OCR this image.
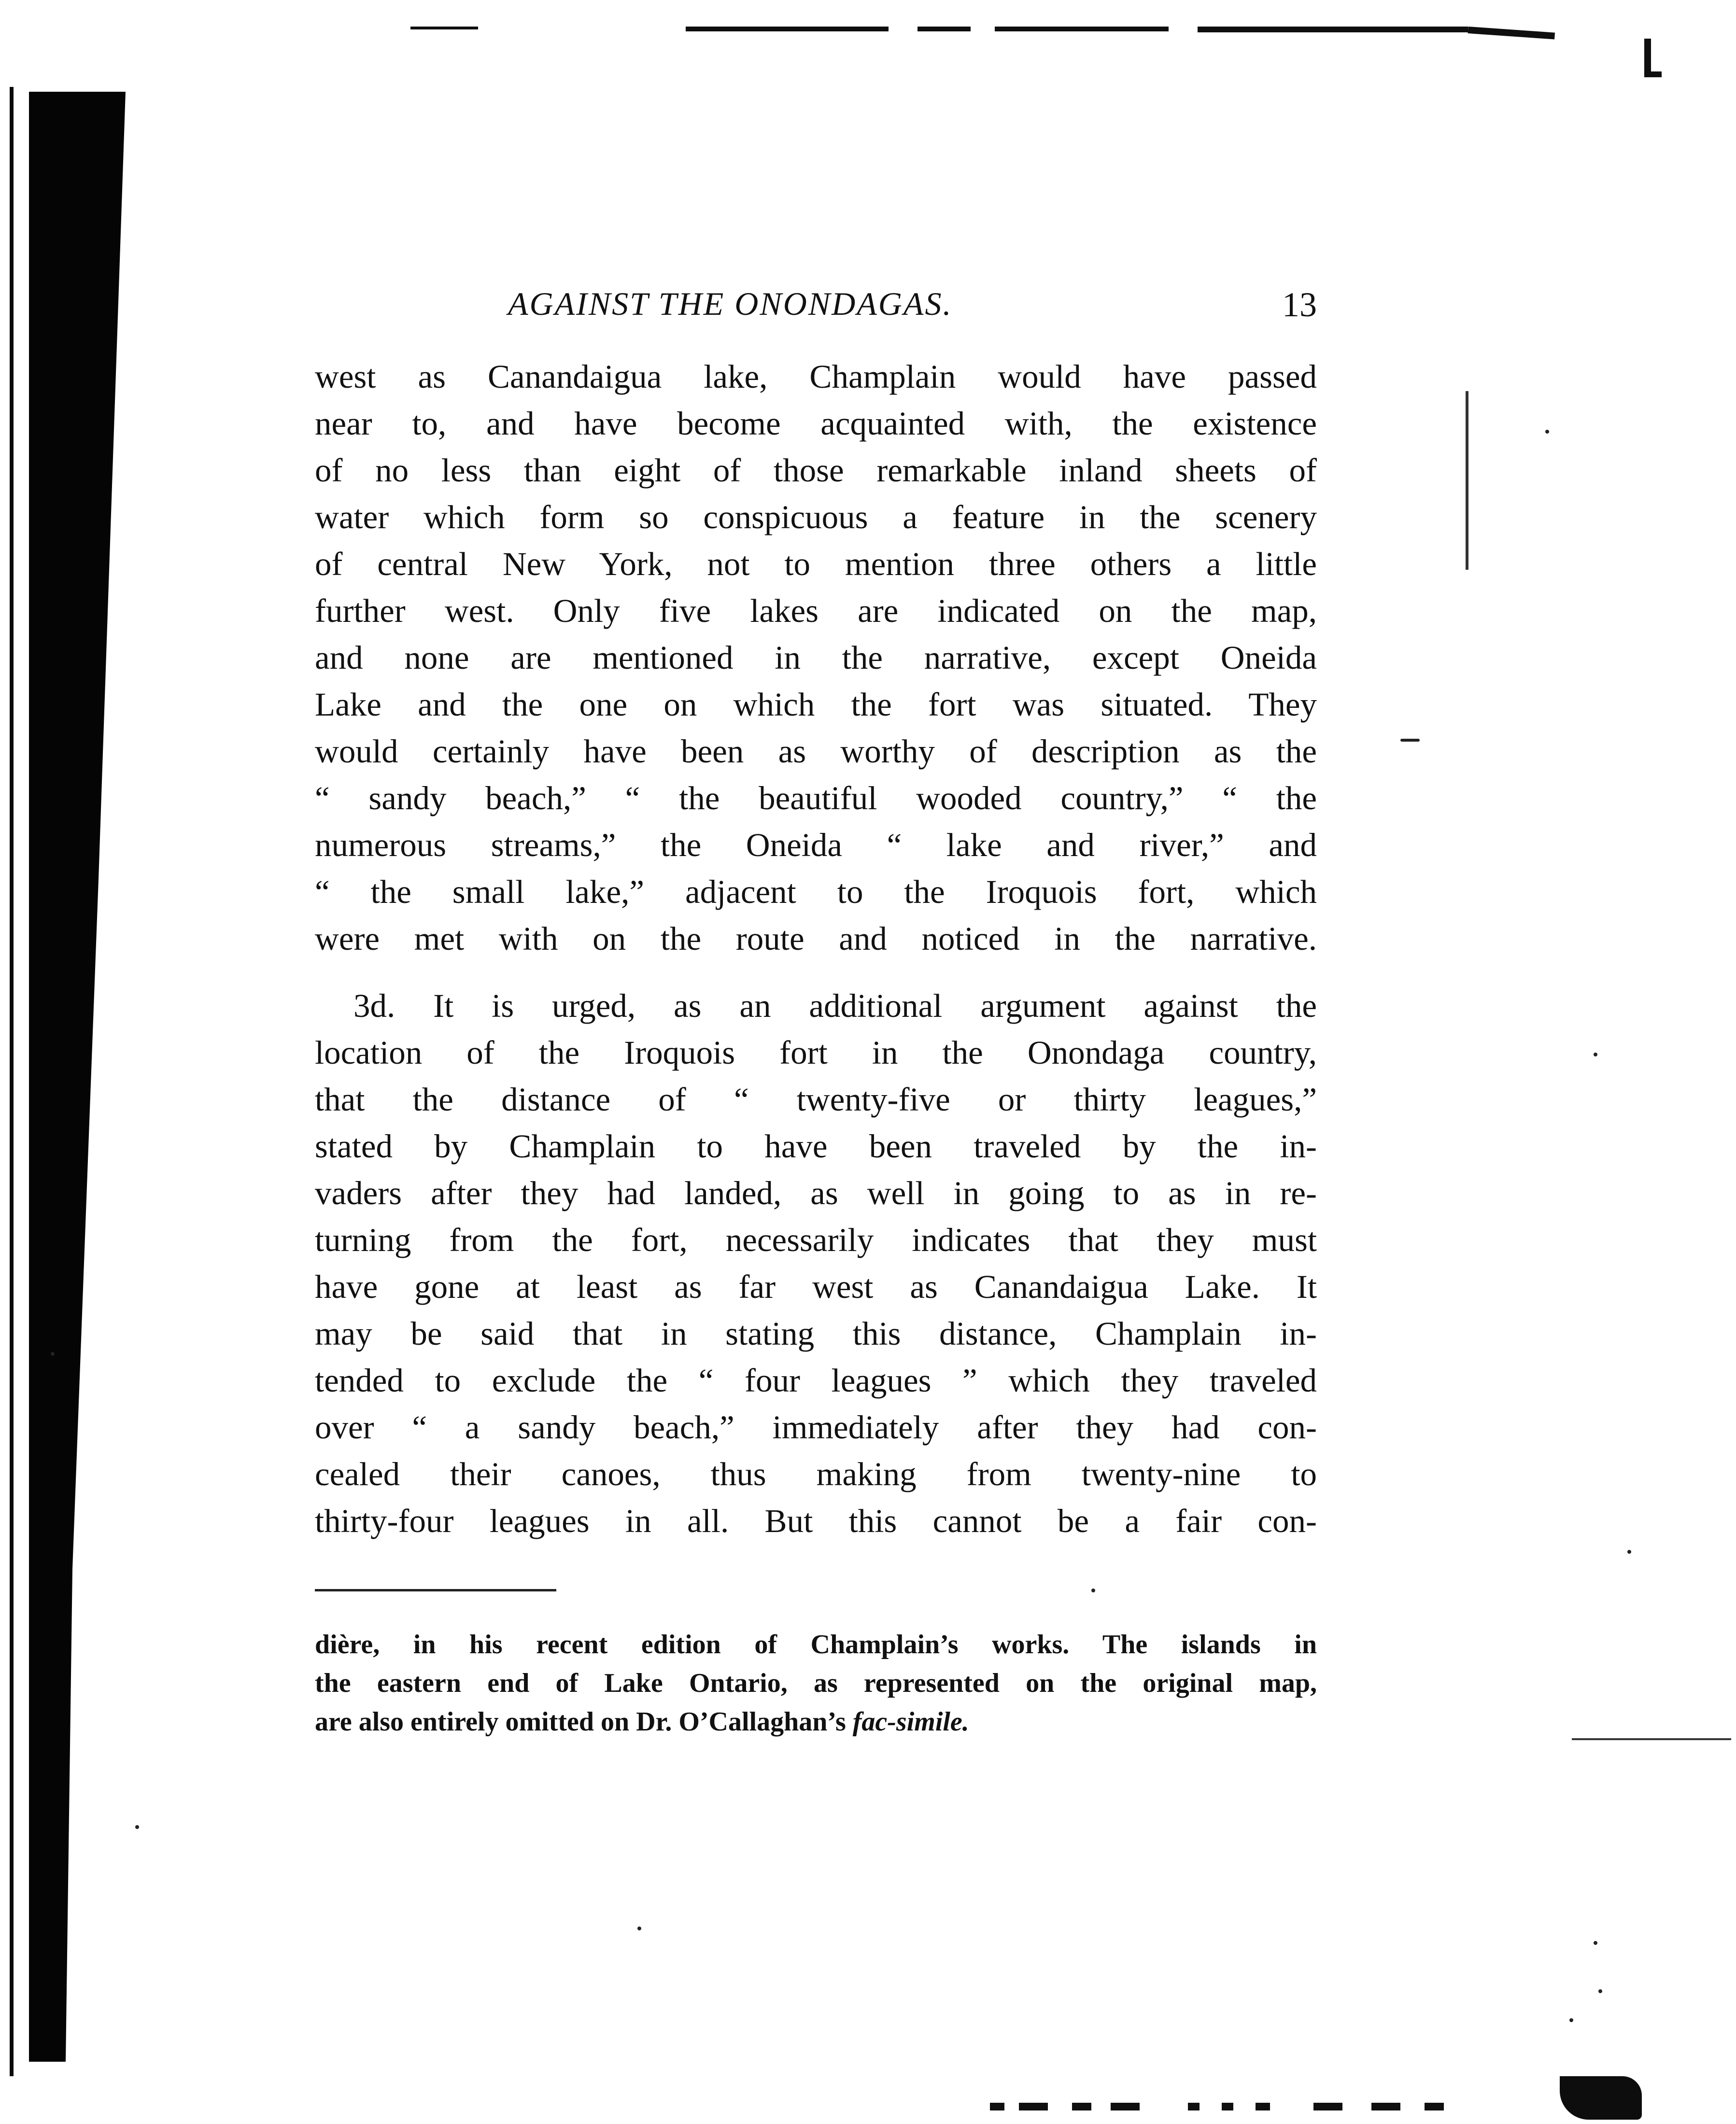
AGAINST THE ONONDAGAS.	13

west as Canandaigua lake, Champlain would have passed
near to, and have become acquainted with, the existence
of no less than eight of those remarkable inland sheets of
water which form so conspicuous a feature in the scenery
of central New York, not to mention three others a little
further west. Only five lakes are indicated on the map,
and none are mentioned in the narrative, except Oneida
Lake and the one on which the fort was situated. They
would certainly have been as worthy of description as the
“ sandy beach,” “ the beautiful wooded country,” “ the
numerous streams,” the Oneida “ lake and river,” and
“ the small lake,” adjacent to the Iroquois fort, which
were met with on the route and noticed in the narrative.

3d. It is urged, as an additional argument against the
location of the Iroquois fort in the Onondaga country,
that the distance of “ twenty-five or thirty leagues,”
stated by Champlain to have been traveled by the in-
vaders after they had landed, as well in going to as in re-
turning from the fort, necessarily indicates that they must
have gone at least as far west as Canandaigua Lake. It
may be said that in stating this distance, Champlain in-
tended to exclude the “ four leagues ” which they traveled
over “ a sandy beach,” immediately after they had con-
cealed their canoes, thus making from twenty-nine to
thirty-four leagues in all. But this cannot be a fair con-

dière, in his recent edition of Champlain’s works. The islands in
the eastern end of Lake Ontario, as represented on the original map,
are also entirely omitted on Dr. O’Callaghan’s fac-simile.
